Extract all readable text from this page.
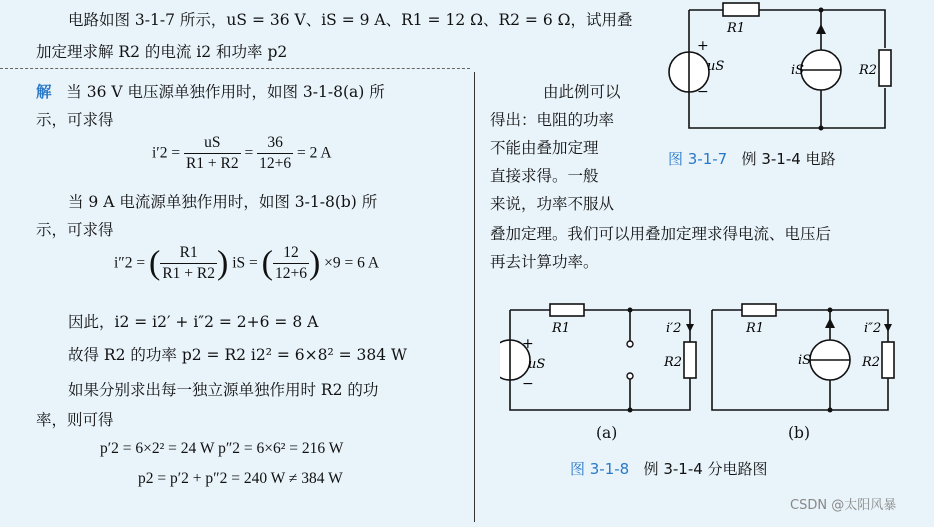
电路如图 3-1-7 所示，uS = 36 V、iS = 9 A、R1 = 12 Ω、R2 = 6 Ω，试用叠
加定理求解 R2 的电流 i2 和功率 p2
解 当 36 V 电压源单独作用时，如图 3-1-8(a) 所
示，可求得
$i'2 = \frac{uS}{R1 + R2} = \frac{36}{12+6} = 2$ A
当 9 A 电流源单独作用时，如图 3-1-8(b) 所
示，可求得
i″2 = ( $\frac{R1}{R1 + R2}$ ) iS = ( $\frac{12}{12+6}$ ) ×9 = 6 A
因此，i2 = i2′ + i″2 = 2+6 = 8 A
故得 R2 的功率 p2 = R2 i2² = 6×8² = 384 W
如果分别求出每一独立源单独作用时 R2 的功
率，则可得
p′2 = 6×2² = 24 W p″2 = 6×6² = 216 W
p2 = p′2 + p″2 = 240 W ≠ 384 W
由此例可以
得出：电阻的功率
不能由叠加定理
直接求得。一般
来说，功率不服从
叠加定理。我们可以用叠加定理求得电流、电压后
再去计算功率。
R1
R2
uS	iS
+
−
图 3-1-7 例 3-1-4 电路
R1
R2
uS
i′2
+
−
R1
R2
iS
i″2
(a)	(b)
图 3-1-8 例 3-1-4 分电路图
CSDN @太阳风暴
